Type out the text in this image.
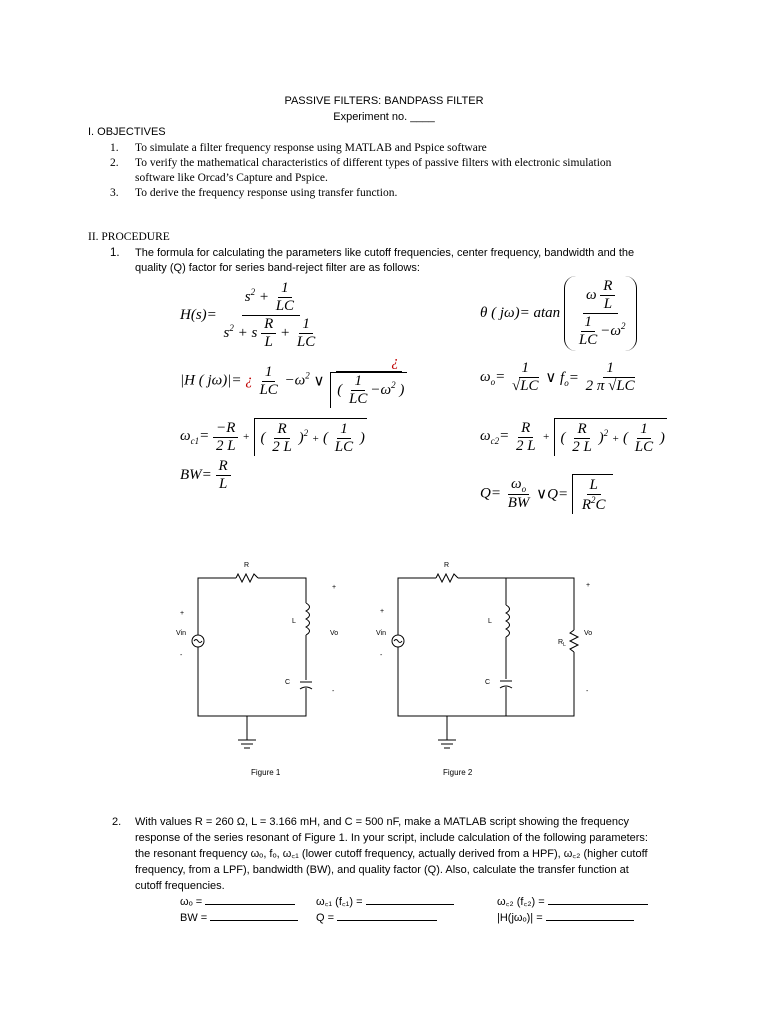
PASSIVE FILTERS: BANDPASS FILTER
Experiment no. ____
I. OBJECTIVES
1.	To simulate a filter frequency response using MATLAB and Pspice software
2.	To verify the mathematical characteristics of different types of passive filters with electronic simulation
software like Orcad’s Capture and Pspice.
3.	To derive the frequency response using transfer function.
II. PROCEDURE
1. The formula for calculating the parameters like cutoff frequencies, center frequency, bandwidth and the
quality (Q) factor for series band-reject filter are as follows:
$H(s)= \frac{s^2 + \frac{1}{LC}}{s^2 + s \frac{R}{L} + \frac{1}{LC}}$
|H ( jω)|= ¿ $\frac{1}{LC} -\omega^2$ ∨ $\frac{¿}{( \frac{1}{LC} -\omega^2 )}$
$\omega_{c1}= \frac{-R}{2 L}$ + ( $\frac{R}{2 L} )^2$ + ( $\frac{1}{LC}$ )
$BW= \frac{R}{L}$
θ ( jω)= atan $\frac{\omega \frac{R}{L}}{\frac{1}{LC} -\omega^2}$
$\omega_o= \frac{1}{√LC}$ ∨ $f_o= \frac{1}{2 \pi √LC}$
$\omega_{c2}= \frac{R}{2 L}$ + ( $\frac{R}{2 L} )^2$ + ( $\frac{1}{LC}$ )
$Q= \frac{\omega_o}{BW}$ ∨Q= $\frac{L}{R^2C}$
R
L
C
Vin	Vo
+
-
+
-
Figure 1
R
L
C
Vin	Vo
$R_L$
+
-
+
-
Figure 2
2. With values R = 260 Ω, L = 3.166 mH, and C = 500 nF, make a MATLAB script showing the frequency
response of the series resonant of Figure 1. In your script, include calculation of the following parameters:
the resonant frequency ωₒ, fₒ, ω꜀₁ (lower cutoff frequency, actually derived from a HPF), ω꜀₂ (higher cutoff
frequency, from a LPF), bandwidth (BW), and quality factor (Q). Also, calculate the transfer function at
cutoff frequencies.
ωₒ =	ω꜀₁ (f꜀₁) =	ω꜀₂ (f꜀₂) =
BW =	Q =	|H(jωₒ)| =
